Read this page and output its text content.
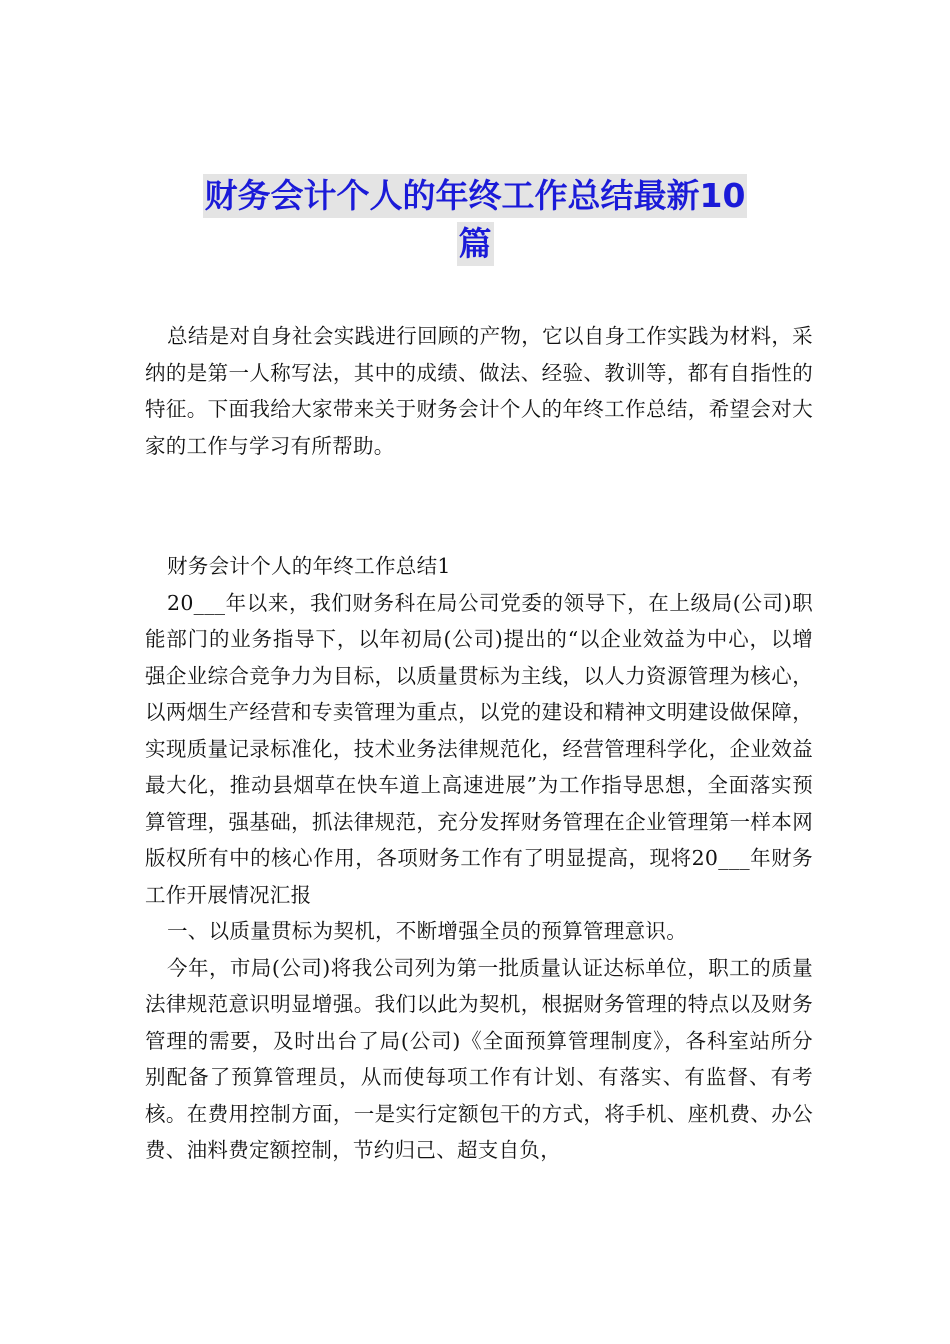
财务会计个人的年终工作总结最新10
篇

总结是对自身社会实践进行回顾的产物，它以自身工作实践为材料，采纳的是第一人称写法，其中的成绩、做法、经验、教训等，都有自指性的特征。下面我给大家带来关于财务会计个人的年终工作总结，希望会对大家的工作与学习有所帮助。

财务会计个人的年终工作总结1

20___年以来，我们财务科在局公司党委的领导下，在上级局(公司)职能部门的业务指导下，以年初局(公司)提出的“以企业效益为中心，以增强企业综合竞争力为目标，以质量贯标为主线，以人力资源管理为核心，以两烟生产经营和专卖管理为重点，以党的建设和精神文明建设做保障，实现质量记录标准化，技术业务法律规范化，经营管理科学化，企业效益最大化，推动县烟草在快车道上高速进展”为工作指导思想，全面落实预算管理，强基础，抓法律规范，充分发挥财务管理在企业管理第一样本网版权所有中的核心作用，各项财务工作有了明显提高，现将20___年财务工作开展情况汇报

一、以质量贯标为契机，不断增强全员的预算管理意识。

今年，市局(公司)将我公司列为第一批质量认证达标单位，职工的质量法律规范意识明显增强。我们以此为契机，根据财务管理的特点以及财务管理的需要，及时出台了局(公司)《全面预算管理制度》，各科室站所分别配备了预算管理员，从而使每项工作有计划、有落实、有监督、有考核。在费用控制方面，一是实行定额包干的方式，将手机、座机费、办公费、油料费定额控制，节约归己、超支自负，
